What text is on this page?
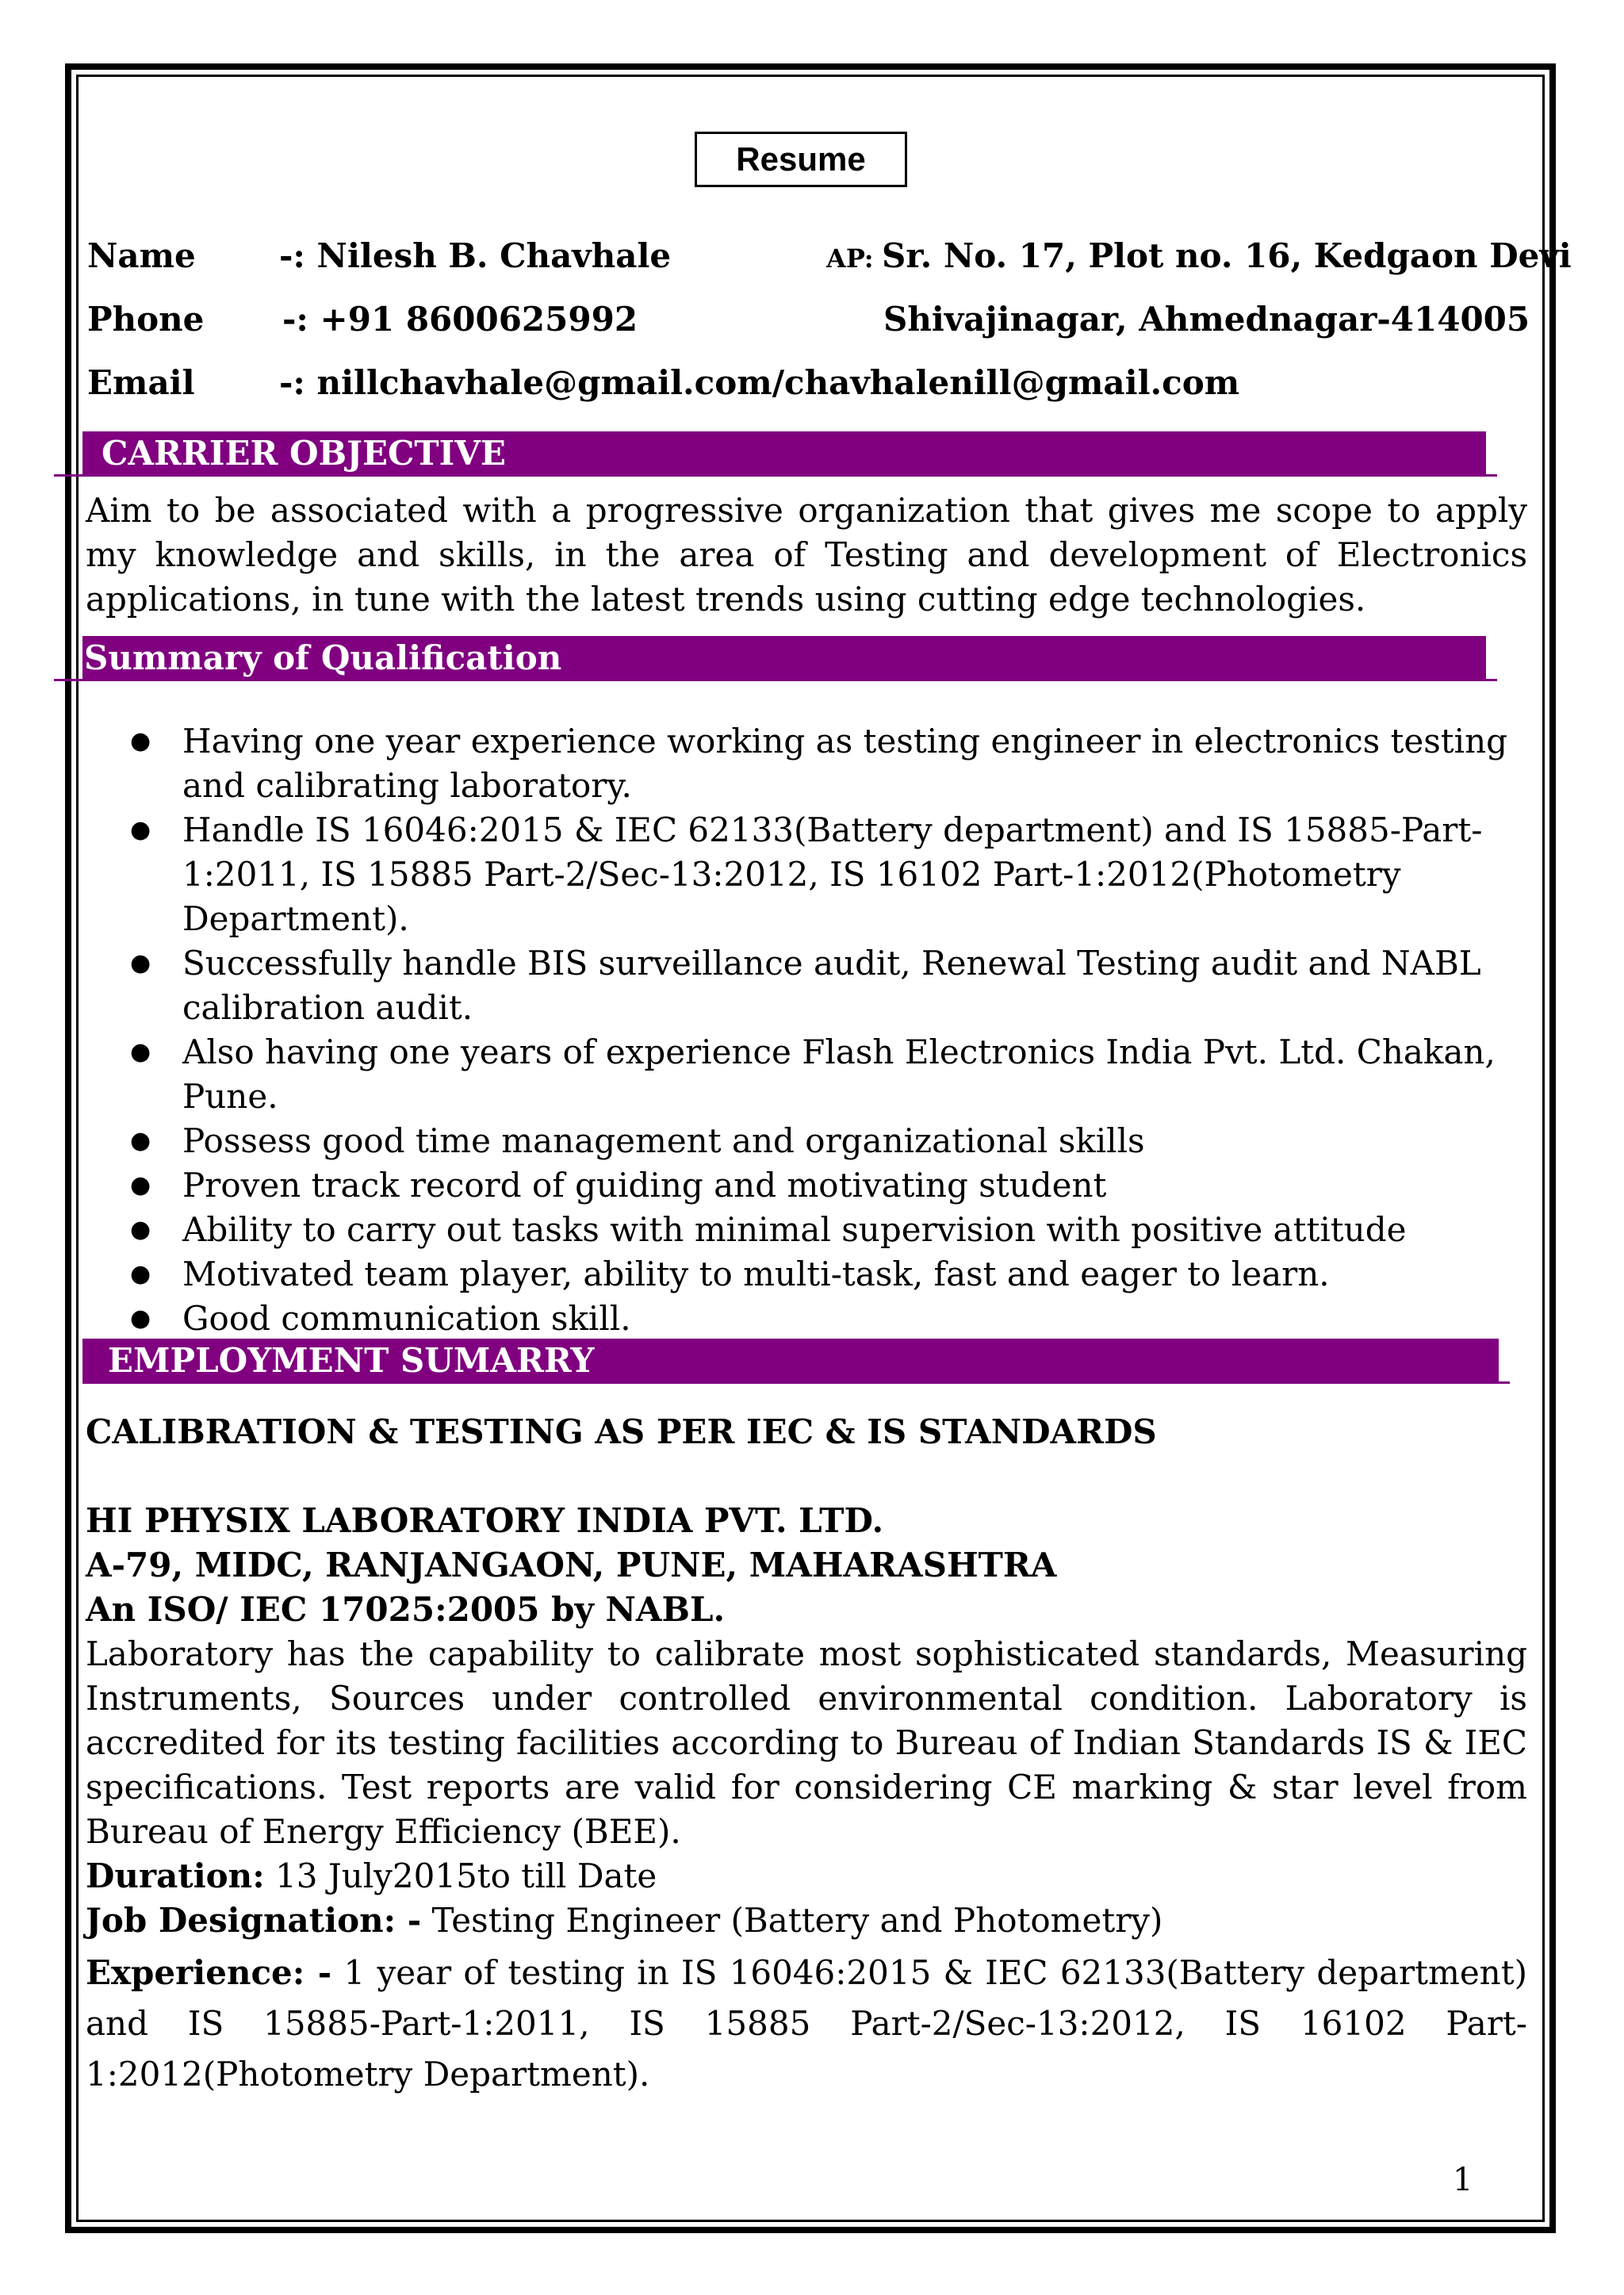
Resume
Name	-: Nilesh B. Chavhale
Phone -: +91 8600625992
Email	-: nillchavhale@gmail.com/chavhalenill@gmail.com
AP: Sr. No. 17, Plot no. 16, Kedgaon Devi
Shivajinagar, Ahmednagar-414005
CARRIER OBJECTIVE
Aim to be associated with a progressive organization that gives me scope to apply my knowledge and skills, in the area of Testing and development of Electronics applications, in tune with the latest trends using cutting edge technologies.
Summary of Qualification
● Having one year experience working as testing engineer in electronics testing and calibrating laboratory.
● Handle IS 16046:2015 & IEC 62133(Battery department) and IS 15885-Part-1:2011, IS 15885 Part-2/Sec-13:2012, IS 16102 Part-1:2012(Photometry Department).
● Successfully handle BIS surveillance audit, Renewal Testing audit and NABL calibration audit.
● Also having one years of experience Flash Electronics India Pvt. Ltd. Chakan, Pune.
● Possess good time management and organizational skills
● Proven track record of guiding and motivating student
● Ability to carry out tasks with minimal supervision with positive attitude
● Motivated team player, ability to multi-task, fast and eager to learn.
● Good communication skill.
EMPLOYMENT SUMARRY
CALIBRATION & TESTING AS PER IEC & IS STANDARDS
HI PHYSIX LABORATORY INDIA PVT. LTD.
A-79, MIDC, RANJANGAON, PUNE, MAHARASHTRA
An ISO/ IEC 17025:2005 by NABL.
Laboratory has the capability to calibrate most sophisticated standards, Measuring Instruments, Sources under controlled environmental condition. Laboratory is accredited for its testing facilities according to Bureau of Indian Standards IS & IEC specifications. Test reports are valid for considering CE marking & star level from Bureau of Energy Efficiency (BEE).
Duration: 13 July2015to till Date
Job Designation: - Testing Engineer (Battery and Photometry)
Experience: - 1 year of testing in IS 16046:2015 & IEC 62133(Battery department) and IS 15885-Part-1:2011, IS 15885 Part-2/Sec-13:2012, IS 16102 Part-1:2012(Photometry Department).
1
